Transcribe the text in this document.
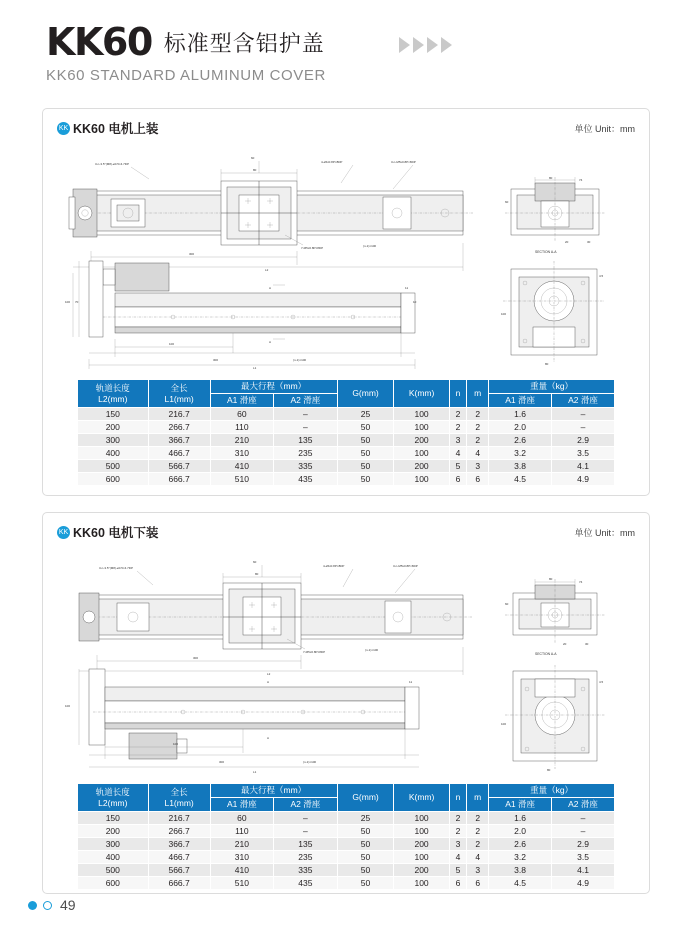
KK60 标准型含铝护盖
KK60 STANDARD ALUMINUM COVER
KK KK60 电机上装	单位 Unit：mm
80
60
3-n-3.5°(M8)-ø0.5×4.7DP	4-ø5x0.8P×8DP	3-n-M5x0.8P×8DP
7-M5x0.8P×8DP	(n-1)×100
300
L2
80	74
60
30
20
SECTION A-A
100 70
100
300	(n-1)×100
11
10
L1
A
A
100
80
4.5
轨道长度
L2(mm)	全长
L1(mm)	最大行程（mm）		G(mm)	K(mm)	n	m	重量（kg）	
		A1 滑座	A2 滑座					A1 滑座	A2 滑座
150	216.7	60	–	25	100	2	2	1.6	–
200	266.7	110	–	50	100	2	2	2.0	–
300	366.7	210	135	50	200	3	2	2.6	2.9
400	466.7	310	235	50	100	4	4	3.2	3.5
500	566.7	410	335	50	200	5	3	3.8	4.1
600	666.7	510	435	50	100	6	6	4.5	4.9
KK KK60 电机下装	单位 Unit：mm
80
60
3-n-3.5°(M8)-ø0.5×4.7DP	4-ø5x0.8P×8DP	3-n-M5x0.8P×8DP
7-M5x0.8P×8DP	(n-1)×100
300
L2
80
74
60
30
20
SECTION A-A
100
100
300	(n-1)×100
11
L1
A
A
100
80
4.5
轨道长度
L2(mm)	全长
L1(mm)	最大行程（mm）		G(mm)	K(mm)	n	m	重量（kg）	
		A1 滑座	A2 滑座					A1 滑座	A2 滑座
150	216.7	60	–	25	100	2	2	1.6	–
200	266.7	110	–	50	100	2	2	2.0	–
300	366.7	210	135	50	200	3	2	2.6	2.9
400	466.7	310	235	50	100	4	4	3.2	3.5
500	566.7	410	335	50	200	5	3	3.8	4.1
600	666.7	510	435	50	100	6	6	4.5	4.9
49
